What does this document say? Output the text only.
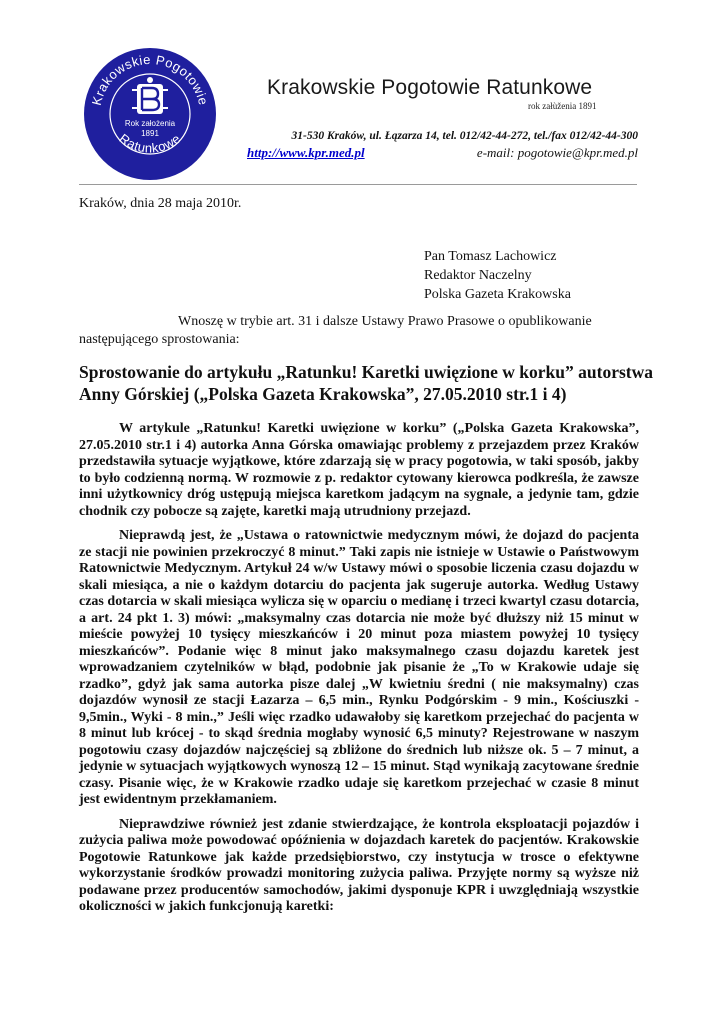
Krakowskie Pogotowie
Ratunkowe
Rok założenia
1891
Krakowskie Pogotowie Ratunkowe
rok załùženia 1891
31-530 Kraków, ul. Łązarza 14, tel. 012/42-44-272, tel./fax 012/42-44-300
http://www.kpr.med.pl	e-mail: pogotowie@kpr.med.pl
Kraków, dnia 28 maja 2010r.
Pan Tomasz Lachowicz
Redaktor Naczelny
Polska Gazeta Krakowska
Wnoszę w trybie art. 31 i dalsze Ustawy Prawo Prasowe o opublikowanie
następującego sprostowania:
Sprostowanie do artykułu „Ratunku! Karetki uwięzione w korku” autorstwa
Anny Górskiej („Polska Gazeta Krakowska”, 27.05.2010 str.1 i 4)

W artykule „Ratunku! Karetki uwięzione w korku” („Polska Gazeta Krakowska”, 27.05.2010 str.1 i 4) autorka Anna Górska omawiając problemy z przejazdem przez Kraków przedstawiła sytuacje wyjątkowe, które zdarzają się w pracy pogotowia, w taki sposób, jakby to było codzienną normą. W rozmowie z p. redaktor cytowany kierowca podkreśla, że zawsze inni użytkownicy dróg ustępują miejsca karetkom jadącym na sygnale, a jedynie tam, gdzie chodnik czy pobocze są zajęte, karetki mają utrudniony przejazd.

Nieprawdą jest, że „Ustawa o ratownictwie medycznym mówi, że dojazd do pacjenta ze stacji nie powinien przekroczyć 8 minut.” Taki zapis nie istnieje w Ustawie o Państwowym Ratownictwie Medycznym. Artykuł 24 w/w Ustawy mówi o sposobie liczenia czasu dojazdu w skali miesiąca, a nie o każdym dotarciu do pacjenta jak sugeruje autorka. Według Ustawy czas dotarcia w skali miesiąca wylicza się w oparciu o medianę i trzeci kwartyl czasu dotarcia, a art. 24 pkt 1. 3) mówi: „maksymalny czas dotarcia nie może być dłuższy niż 15 minut w mieście powyżej 10 tysięcy mieszkańców i 20 minut poza miastem powyżej 10 tysięcy mieszkańców”. Podanie więc 8 minut jako maksymalnego czasu dojazdu karetek jest wprowadzaniem czytelników w błąd, podobnie jak pisanie że „To w Krakowie udaje się rzadko”, gdyż jak sama autorka pisze dalej „W kwietniu średni ( nie maksymalny) czas dojazdów wynosił ze stacji Łazarza – 6,5 min., Rynku Podgórskim - 9 min., Kościuszki - 9,5min., Wyki - 8 min.,” Jeśli więc rzadko udawałoby się karetkom przejechać do pacjenta w 8 minut lub krócej - to skąd średnia mogłaby wynosić 6,5 minuty? Rejestrowane w naszym pogotowiu czasy dojazdów najczęściej są zbliżone do średnich lub niższe ok. 5 – 7 minut, a jedynie w sytuacjach wyjątkowych wynoszą 12 – 15 minut. Stąd wynikają zacytowane średnie czasy. Pisanie więc, że w Krakowie rzadko udaje się karetkom przejechać w czasie 8 minut jest ewidentnym przekłamaniem.

Nieprawdziwe również jest zdanie stwierdzające, że kontrola eksploatacji pojazdów i zużycia paliwa może powodować opóźnienia w dojazdach karetek do pacjentów. Krakowskie Pogotowie Ratunkowe jak każde przedsiębiorstwo, czy instytucja w trosce o efektywne wykorzystanie środków prowadzi monitoring zużycia paliwa. Przyjęte normy są wyższe niż podawane przez producentów samochodów, jakimi dysponuje KPR i uwzględniają wszystkie okoliczności w jakich funkcjonują karetki:
